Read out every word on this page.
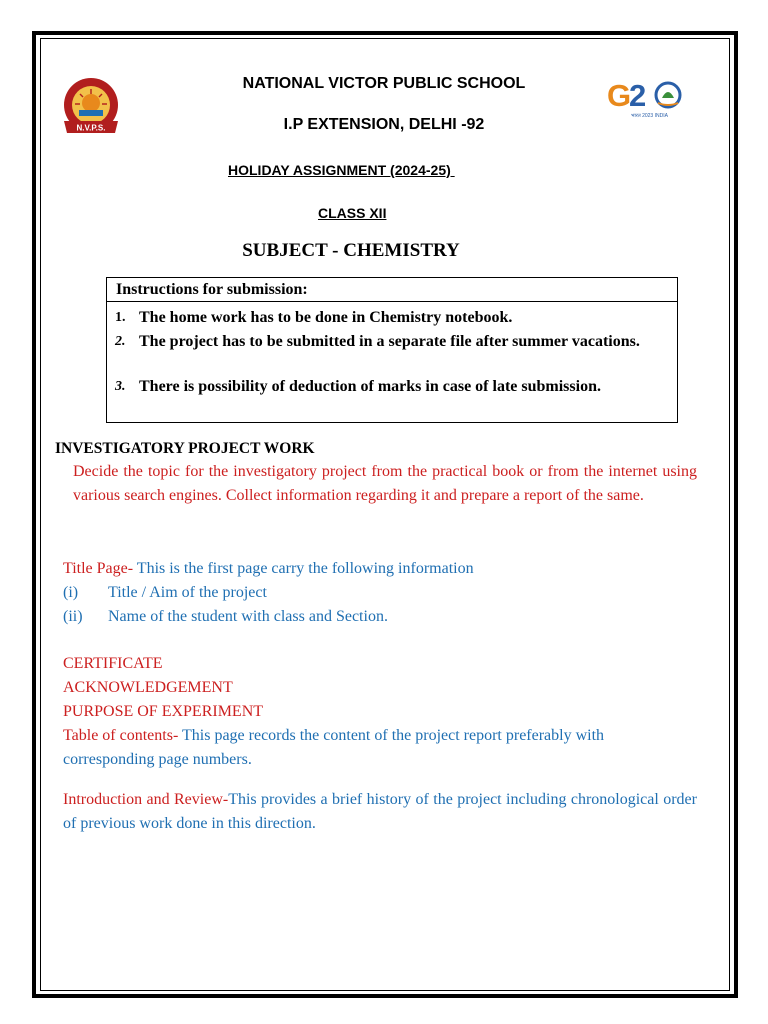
N.V.P.S.
G
2
भारत 2023 INDIA
NATIONAL VICTOR PUBLIC SCHOOL
I.P EXTENSION, DELHI -92
HOLIDAY ASSIGNMENT (2024-25)
CLASS XII
SUBJECT - CHEMISTRY
Instructions for submission:
1. The home work has to be done in Chemistry notebook.
2. The project has to be submitted in a separate file after summer vacations.
3. There is possibility of deduction of marks in case of late submission.
INVESTIGATORY PROJECT WORK
Decide the topic for the investigatory project from the practical book or from the internet using various search engines. Collect information regarding it and prepare a report of the same.
Title Page- This is the first page carry the following information
(i) Title / Aim of the project
(ii) Name of the student with class and Section.
CERTIFICATE
ACKNOWLEDGEMENT
PURPOSE OF EXPERIMENT
Table of contents- This page records the content of the project report preferably with corresponding page numbers.
Introduction and Review-This provides a brief history of the project including chronological order of previous work done in this direction.
